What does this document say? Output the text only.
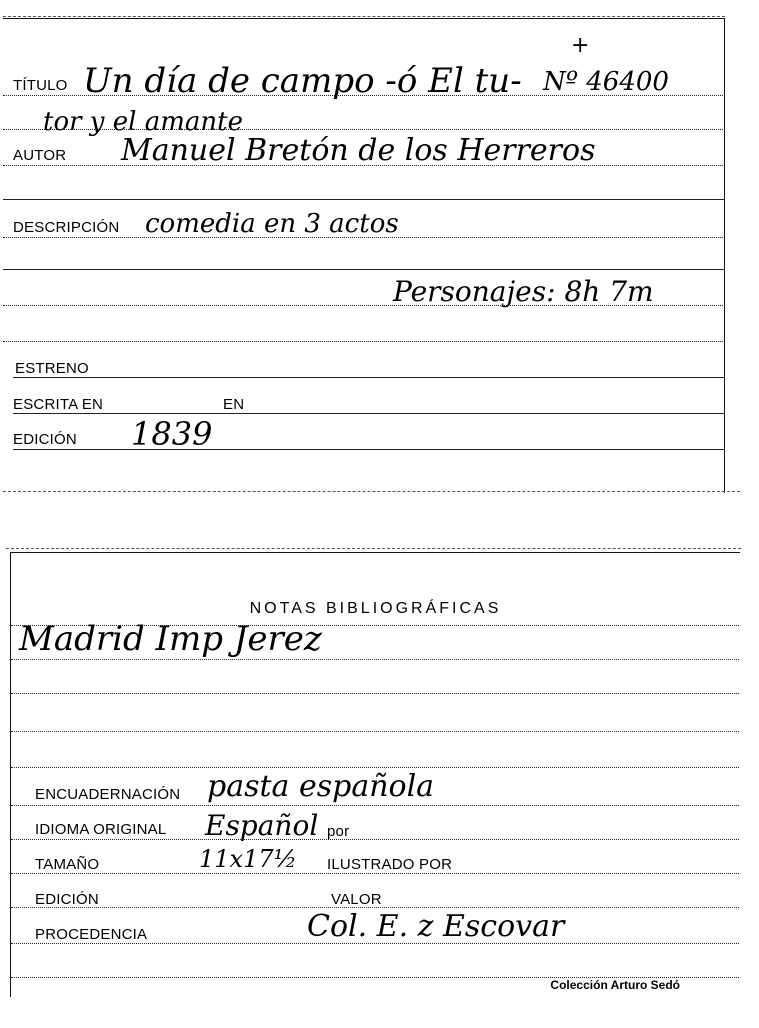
TÍTULO Un día de campo -ó El tu- Nº 46400
+
tor y el amante
AUTOR Manuel Bretón de los Herreros
DESCRIPCIÓN comedia en 3 actos
Personajes: 8h 7m
ESTRENO
ESCRITA EN	EN
EDICIÓN 1839
NOTAS BIBLIOGRÁFICAS
Madrid Imp Jerez
ENCUADERNACIÓN pasta española
IDIOMA ORIGINAL Español por
TAMAÑO	11x17½ ILUSTRADO POR
EDICIÓN	VALOR
PROCEDENCIA	Col. E. z Escovar
Colección Arturo Sedó
